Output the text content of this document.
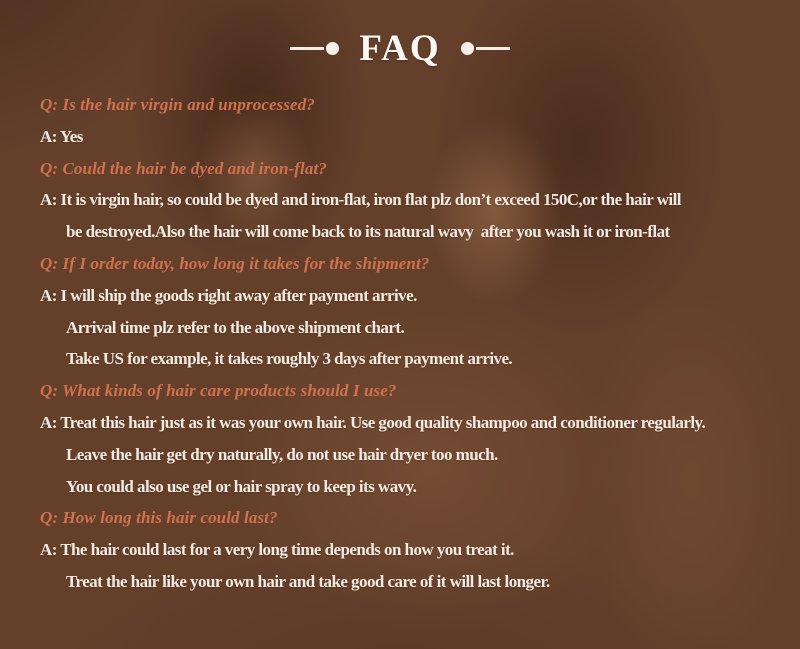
FAQ
Q: Is the hair virgin and unprocessed?
A: Yes
Q: Could the hair be dyed and iron-flat?
A: It is virgin hair, so could be dyed and iron-flat, iron flat plz don’t exceed 150C,or the hair will
be destroyed.Also the hair will come back to its natural wavy  after you wash it or iron-flat
Q: If I order today, how long it takes for the shipment?
A: I will ship the goods right away after payment arrive.
Arrival time plz refer to the above shipment chart.
Take US for example, it takes roughly 3 days after payment arrive.
Q: What kinds of hair care products should I use?
A: Treat this hair just as it was your own hair. Use good quality shampoo and conditioner regularly.
Leave the hair get dry naturally, do not use hair dryer too much.
You could also use gel or hair spray to keep its wavy.
Q: How long this hair could last?
A: The hair could last for a very long time depends on how you treat it.
Treat the hair like your own hair and take good care of it will last longer.
